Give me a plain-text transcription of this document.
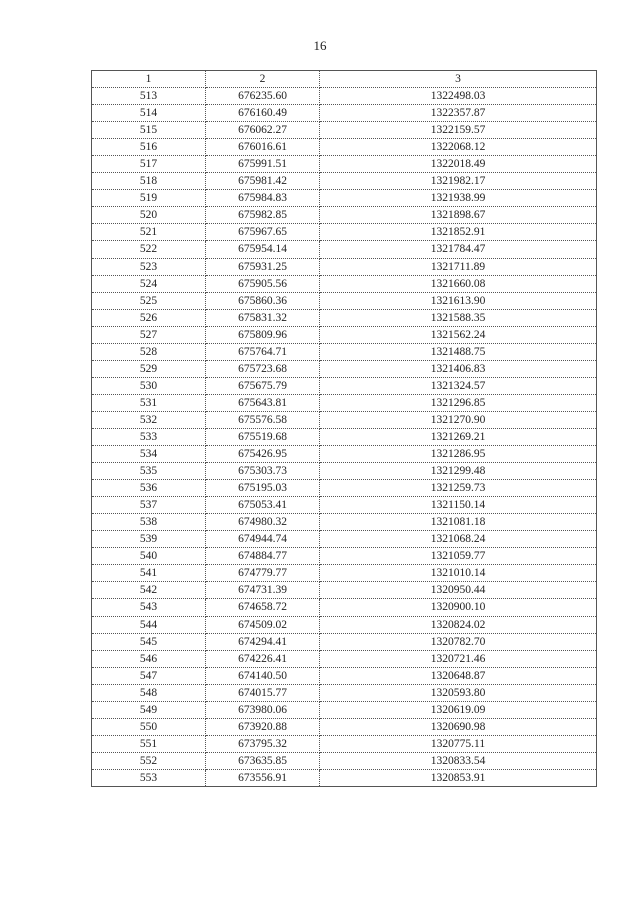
16
1	2	3
513	676235.60	1322498.03
514	676160.49	1322357.87
515	676062.27	1322159.57
516	676016.61	1322068.12
517	675991.51	1322018.49
518	675981.42	1321982.17
519	675984.83	1321938.99
520	675982.85	1321898.67
521	675967.65	1321852.91
522	675954.14	1321784.47
523	675931.25	1321711.89
524	675905.56	1321660.08
525	675860.36	1321613.90
526	675831.32	1321588.35
527	675809.96	1321562.24
528	675764.71	1321488.75
529	675723.68	1321406.83
530	675675.79	1321324.57
531	675643.81	1321296.85
532	675576.58	1321270.90
533	675519.68	1321269.21
534	675426.95	1321286.95
535	675303.73	1321299.48
536	675195.03	1321259.73
537	675053.41	1321150.14
538	674980.32	1321081.18
539	674944.74	1321068.24
540	674884.77	1321059.77
541	674779.77	1321010.14
542	674731.39	1320950.44
543	674658.72	1320900.10
544	674509.02	1320824.02
545	674294.41	1320782.70
546	674226.41	1320721.46
547	674140.50	1320648.87
548	674015.77	1320593.80
549	673980.06	1320619.09
550	673920.88	1320690.98
551	673795.32	1320775.11
552	673635.85	1320833.54
553	673556.91	1320853.91
